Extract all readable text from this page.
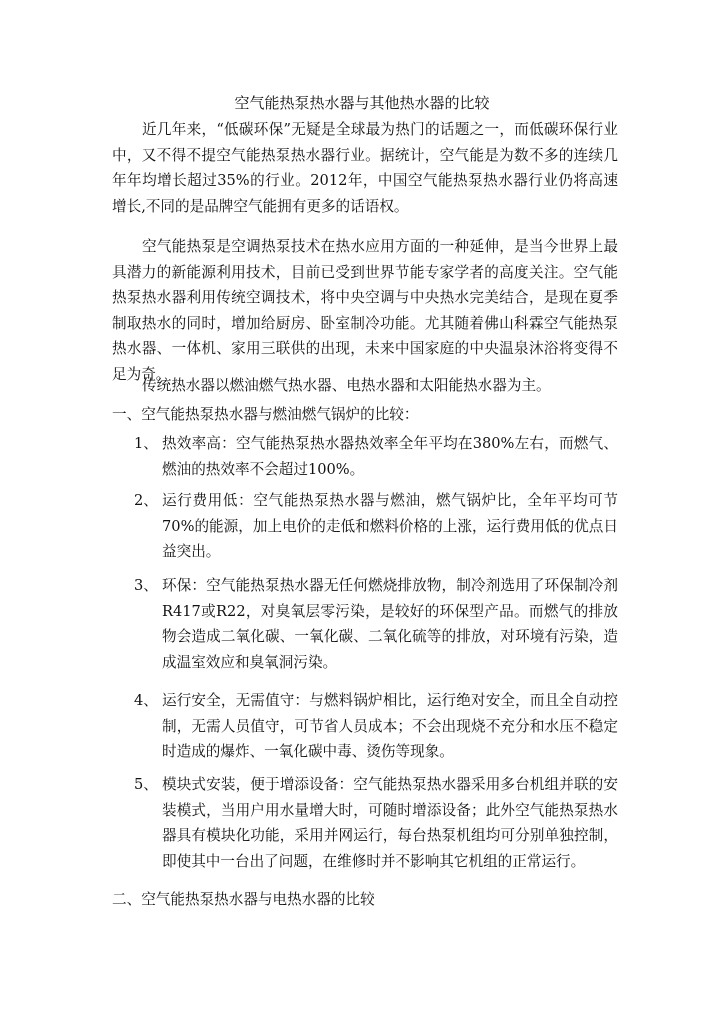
空气能热泵热水器与其他热水器的比较

近几年来，“低碳环保”无疑是全球最为热门的话题之一，而低碳环保行业中，又不得不提空气能热泵热水器行业。据统计，空气能是为数不多的连续几年年均增长超过35%的行业。2012年，中国空气能热泵热水器行业仍将高速增长,不同的是品牌空气能拥有更多的话语权。

空气能热泵是空调热泵技术在热水应用方面的一种延伸，是当今世界上最具潜力的新能源利用技术，目前已受到世界节能专家学者的高度关注。空气能热泵热水器利用传统空调技术，将中央空调与中央热水完美结合，是现在夏季制取热水的同时，增加给厨房、卧室制冷功能。尤其随着佛山科霖空气能热泵热水器、一体机、家用三联供的出现，未来中国家庭的中央温泉沐浴将变得不足为奇。

传统热水器以燃油燃气热水器、电热水器和太阳能热水器为主。

一、空气能热泵热水器与燃油燃气锅炉的比较：

1、 热效率高：空气能热泵热水器热效率全年平均在380%左右，而燃气、燃油的热效率不会超过100%。

2、 运行费用低：空气能热泵热水器与燃油，燃气锅炉比，全年平均可节70%的能源，加上电价的走低和燃料价格的上涨，运行费用低的优点日益突出。

3、 环保：空气能热泵热水器无任何燃烧排放物，制冷剂选用了环保制冷剂R417或R22，对臭氧层零污染，是较好的环保型产品。而燃气的排放物会造成二氧化碳、一氧化碳、二氧化硫等的排放，对环境有污染，造成温室效应和臭氧洞污染。

4、 运行安全，无需值守：与燃料锅炉相比，运行绝对安全，而且全自动控制，无需人员值守，可节省人员成本；不会出现烧不充分和水压不稳定时造成的爆炸、一氧化碳中毒、烫伤等现象。

5、 模块式安装，便于增添设备：空气能热泵热水器采用多台机组并联的安装模式，当用户用水量增大时，可随时增添设备；此外空气能热泵热水器具有模块化功能，采用并网运行，每台热泵机组均可分别单独控制，即使其中一台出了问题，在维修时并不影响其它机组的正常运行。

二、空气能热泵热水器与电热水器的比较
